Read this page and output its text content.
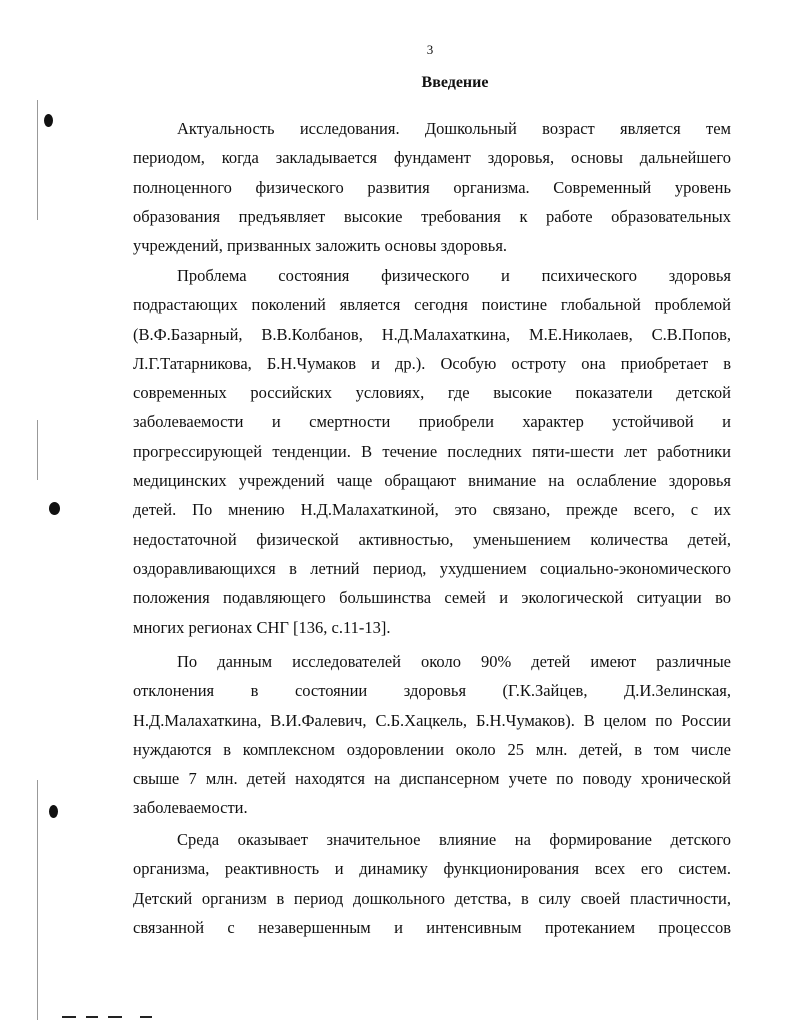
3
Введение
Актуальность исследования. Дошкольный возраст является тем
периодом, когда закладывается фундамент здоровья, основы дальнейшего
полноценного физического развития организма. Современный уровень
образования предъявляет высокие требования к работе образовательных
учреждений, призванных заложить основы здоровья.
Проблема состояния физического и психического здоровья
подрастающих поколений является сегодня поистине глобальной проблемой
(В.Ф.Базарный, В.В.Колбанов, Н.Д.Малахаткина, М.Е.Николаев, С.В.Попов,
Л.Г.Татарникова, Б.Н.Чумаков и др.). Особую остроту она приобретает в
современных российских условиях, где высокие показатели детской
заболеваемости и смертности приобрели характер устойчивой и
прогрессирующей тенденции. В течение последних пяти-шести лет работники
медицинских учреждений чаще обращают внимание на ослабление здоровья
детей. По мнению Н.Д.Малахаткиной, это связано, прежде всего, с их
недостаточной физической активностью, уменьшением количества детей,
оздоравливающихся в летний период, ухудшением социально-экономического
положения подавляющего большинства семей и экологической ситуации во
многих регионах СНГ [136, с.11-13].
По данным исследователей около 90% детей имеют различные
отклонения в состоянии здоровья (Г.К.Зайцев, Д.И.Зелинская,
Н.Д.Малахаткина, В.И.Фалевич, С.Б.Хацкель, Б.Н.Чумаков). В целом по России
нуждаются в комплексном оздоровлении около 25 млн. детей, в том числе
свыше 7 млн. детей находятся на диспансерном учете по поводу хронической
заболеваемости.
Среда оказывает значительное влияние на формирование детского
организма, реактивность и динамику функционирования всех его систем.
Детский организм в период дошкольного детства, в силу своей пластичности,
связанной с незавершенным и интенсивным протеканием процессов
